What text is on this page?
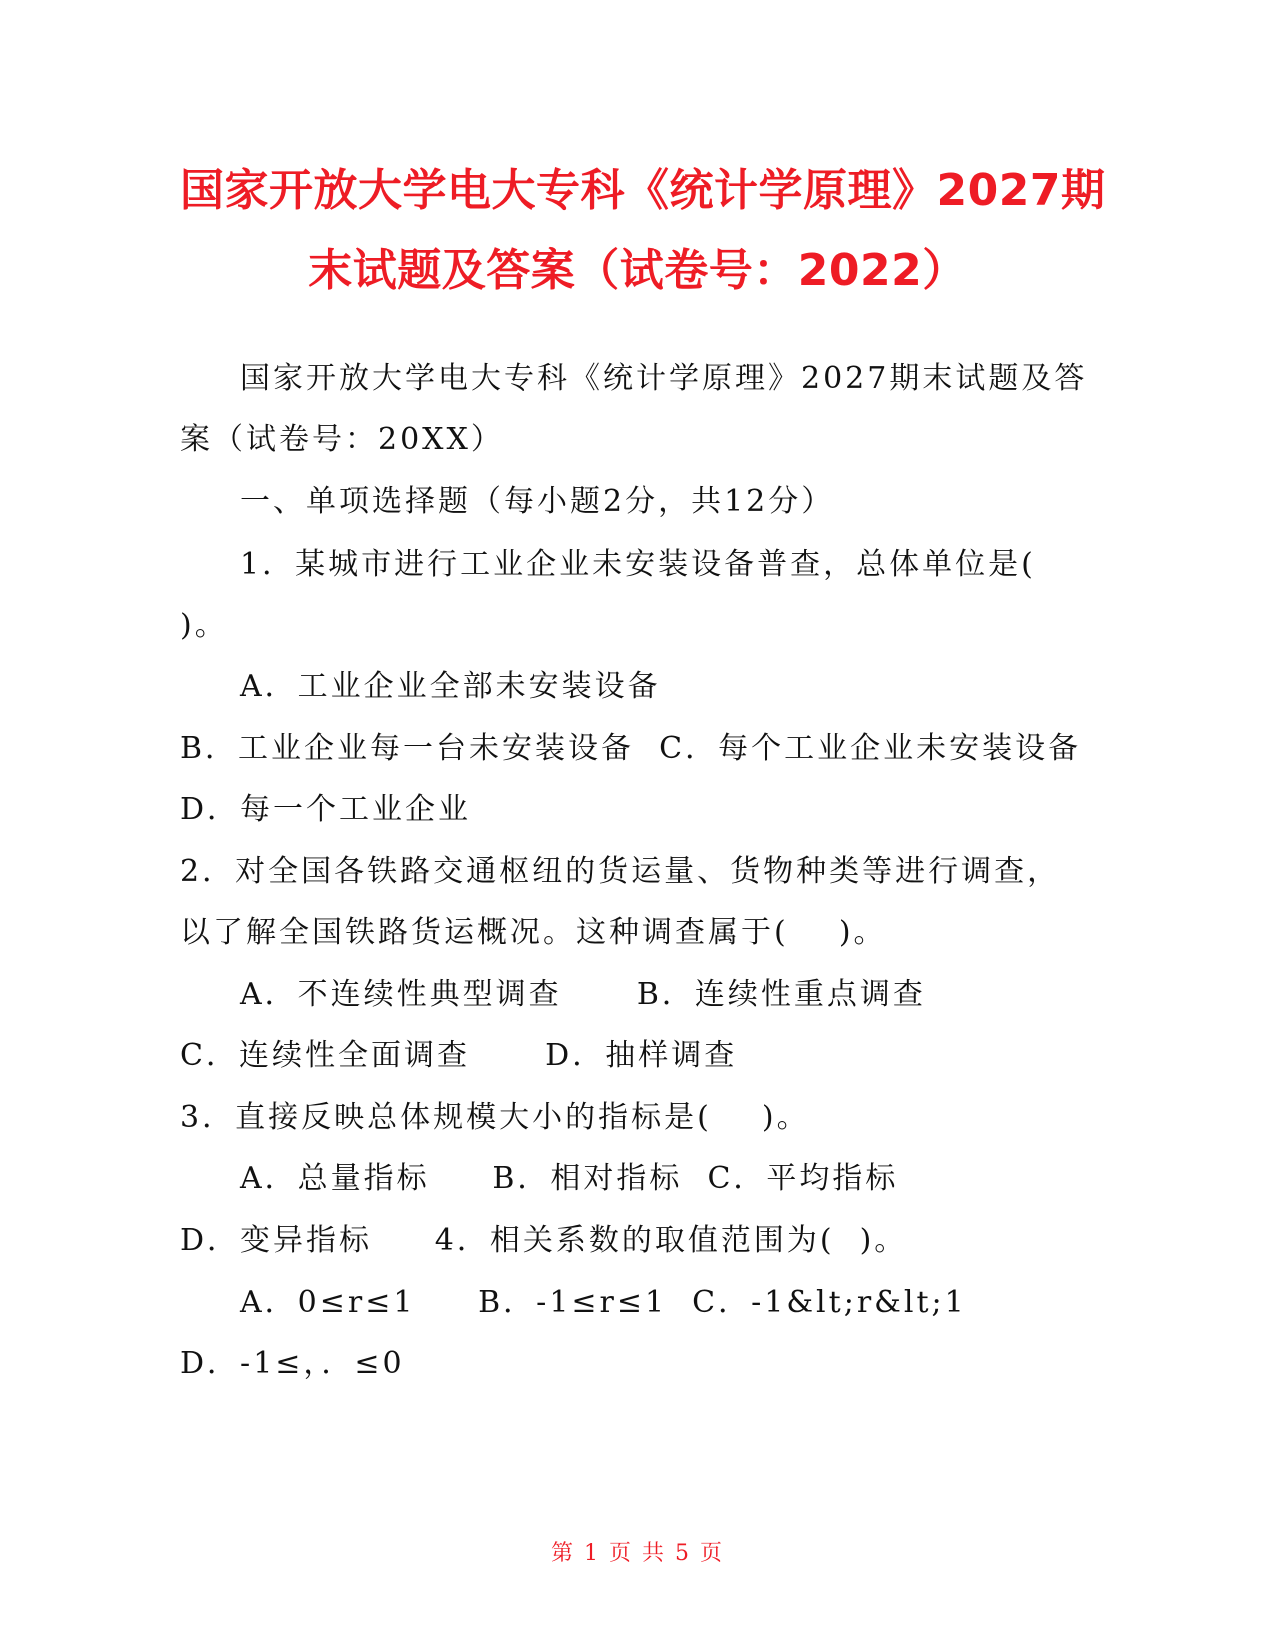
国家开放大学电大专科《统计学原理》2027期
末试题及答案（试卷号：2022）
国家开放大学电大专科《统计学原理》2027期末试题及答
案（试卷号：20XX）
一、单项选择题（每小题2分，共12分）
1．某城市进行工业企业未安装设备普查，总体单位是(
)。
A．工业企业全部未安装设备
B．工业企业每一台未安装设备  C．每个工业企业未安装设备
D．每一个工业企业
2．对全国各铁路交通枢纽的货运量、货物种类等进行调查，
以了解全国铁路货运概况。这种调查属于(    )。
A．不连续性典型调查      B．连续性重点调查
C．连续性全面调查      D．抽样调查
3．直接反映总体规模大小的指标是(    )。
A．总量指标     B．相对指标  C．平均指标
D．变异指标     4．相关系数的取值范围为(  )。
A．0≤r≤1     B．-1≤r≤1  C．-1&lt;r&lt;1
D．-1≤，．≤0
第 1 页 共 5 页
